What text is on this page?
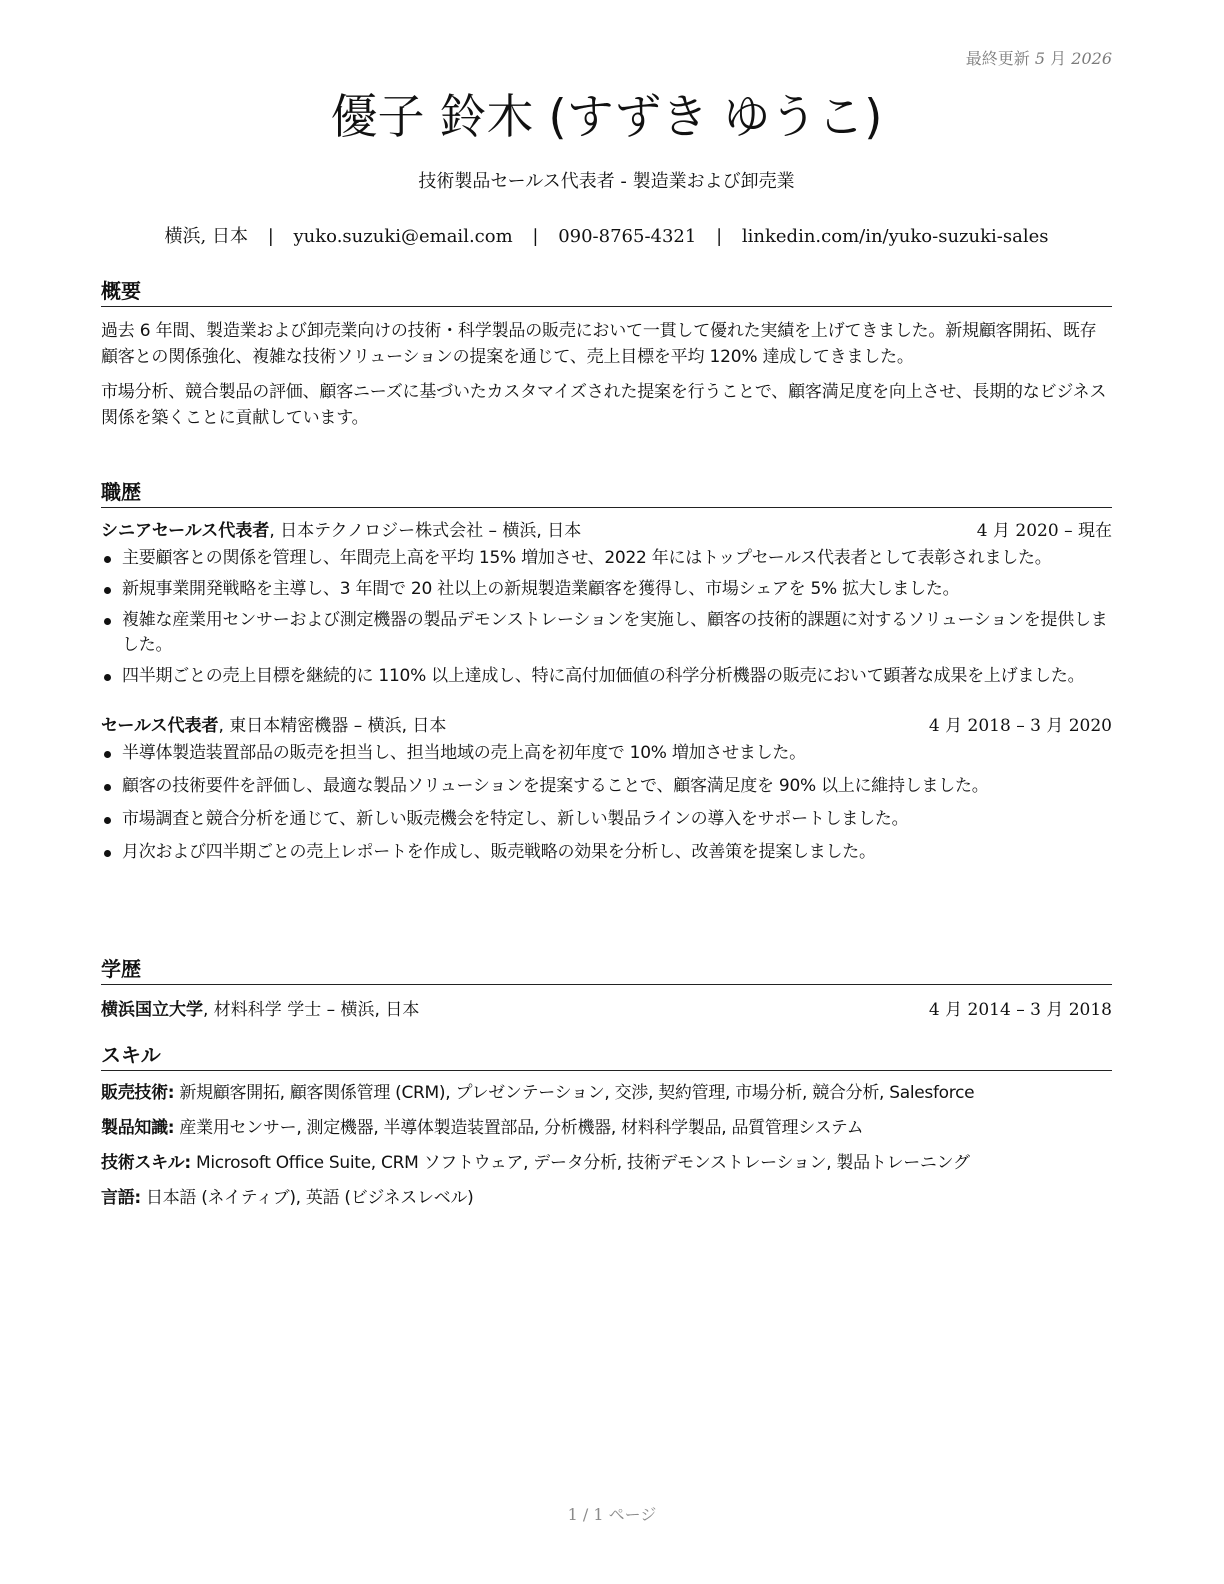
最終更新 5 月 2026
優子 鈴木 (すずき ゆうこ)
技術製品セールス代表者 - 製造業および卸売業
横浜, 日本 | yuko.suzuki@email.com | 090-8765-4321 | linkedin.com/in/yuko-suzuki-sales
概要

過去 6 年間、製造業および卸売業向けの技術・科学製品の販売において一貫して優れた実績を上げてきました。新規顧客開拓、既存顧客との関係強化、複雑な技術ソリューションの提案を通じて、売上目標を平均 120% 達成してきました。

市場分析、競合製品の評価、顧客ニーズに基づいたカスタマイズされた提案を行うことで、顧客満足度を向上させ、長期的なビジネス関係を築くことに貢献しています。

職歴
シニアセールス代表者, 日本テクノロジー株式会社 – 横浜, 日本	4 月 2020 – 現在
主要顧客との関係を管理し、年間売上高を平均 15% 増加させ、2022 年にはトップセールス代表者として表彰されました。
新規事業開発戦略を主導し、3 年間で 20 社以上の新規製造業顧客を獲得し、市場シェアを 5% 拡大しました。
複雑な産業用センサーおよび測定機器の製品デモンストレーションを実施し、顧客の技術的課題に対するソリューションを提供しました。
四半期ごとの売上目標を継続的に 110% 以上達成し、特に高付加価値の科学分析機器の販売において顕著な成果を上げました。
セールス代表者, 東日本精密機器 – 横浜, 日本	4 月 2018 – 3 月 2020
半導体製造装置部品の販売を担当し、担当地域の売上高を初年度で 10% 増加させました。
顧客の技術要件を評価し、最適な製品ソリューションを提案することで、顧客満足度を 90% 以上に維持しました。
市場調査と競合分析を通じて、新しい販売機会を特定し、新しい製品ラインの導入をサポートしました。
月次および四半期ごとの売上レポートを作成し、販売戦略の効果を分析し、改善策を提案しました。
学歴
横浜国立大学, 材料科学 学士 – 横浜, 日本	4 月 2014 – 3 月 2018
スキル
販売技術: 新規顧客開拓, 顧客関係管理 (CRM), プレゼンテーション, 交渉, 契約管理, 市場分析, 競合分析, Salesforce
製品知識: 産業用センサー, 測定機器, 半導体製造装置部品, 分析機器, 材料科学製品, 品質管理システム
技術スキル: Microsoft Office Suite, CRM ソフトウェア, データ分析, 技術デモンストレーション, 製品トレーニング
言語: 日本語 (ネイティブ), 英語 (ビジネスレベル)
1 / 1 ページ
